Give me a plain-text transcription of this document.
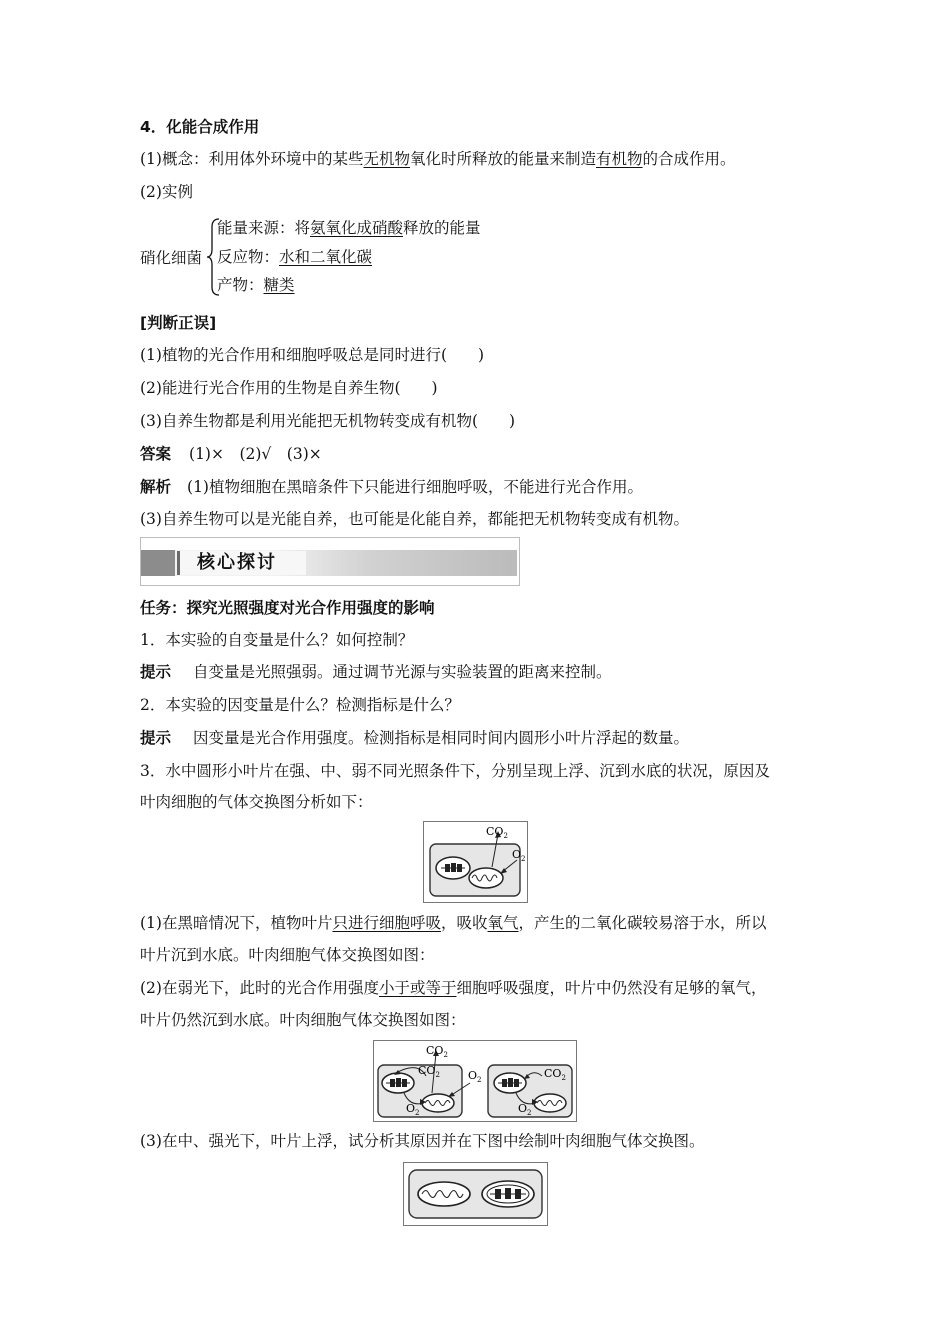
4．化能合成作用
(1)概念：利用体外环境中的某些无机物氧化时所释放的能量来制造有机物的合成作用。
(2)实例
硝化细菌
能量来源：将氨氧化成硝酸释放的能量
反应物：水和二氧化碳
产物：糖类
[判断正误]
(1)植物的光合作用和细胞呼吸总是同时进行(　　)
(2)能进行光合作用的生物是自养生物(　　)
(3)自养生物都是利用光能把无机物转变成有机物(　　)
答案 (1)×　(2)√　(3)×
解析 (1)植物细胞在黑暗条件下只能进行细胞呼吸，不能进行光合作用。
(3)自养生物可以是光能自养，也可能是化能自养，都能把无机物转变成有机物。
核心探讨
任务：探究光照强度对光合作用强度的影响
1．本实验的自变量是什么？如何控制？
提示 自变量是光照强弱。通过调节光源与实验装置的距离来控制。
2．本实验的因变量是什么？检测指标是什么？
提示 因变量是光合作用强度。检测指标是相同时间内圆形小叶片浮起的数量。
3．水中圆形小叶片在强、中、弱不同光照条件下，分别呈现上浮、沉到水底的状况，原因及
叶肉细胞的气体交换图分析如下：
$CO_2$
$O_2$
(1)在黑暗情况下，植物叶片只进行细胞呼吸，吸收氧气，产生的二氧化碳较易溶于水，所以
叶片沉到水底。叶肉细胞气体交换图如图：
(2)在弱光下，此时的光合作用强度小于或等于细胞呼吸强度，叶片中仍然没有足够的氧气，
叶片仍然沉到水底。叶肉细胞气体交换图如图：
$CO_2$
$CO_2$
$O_2$
$O_2$	$CO_2$
$O_2$
(3)在中、强光下，叶片上浮，试分析其原因并在下图中绘制叶肉细胞气体交换图。
